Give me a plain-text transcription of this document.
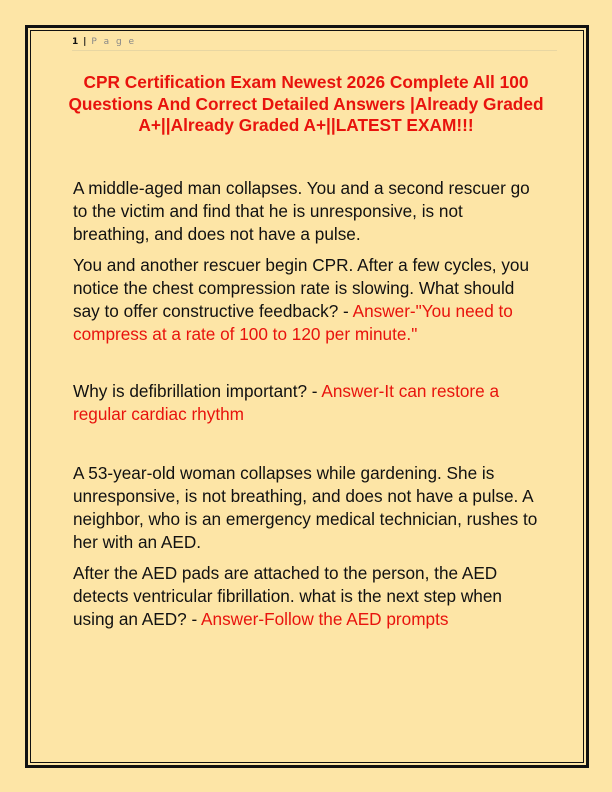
1 | P a g e
CPR Certification Exam Newest 2026 Complete All 100 Questions And Correct Detailed Answers |Already Graded A+||Already Graded A+||LATEST EXAM!!!

A middle-aged man collapses. You and a second rescuer go to the victim and find that he is unresponsive, is not breathing, and does not have a pulse.

You and another rescuer begin CPR. After a few cycles, you notice the chest compression rate is slowing. What should say to offer constructive feedback? - Answer-"You need to compress at a rate of 100 to 120 per minute."

Why is defibrillation important? - Answer-It can restore a regular cardiac rhythm

A 53-year-old woman collapses while gardening. She is unresponsive, is not breathing, and does not have a pulse. A neighbor, who is an emergency medical technician, rushes to her with an AED.

After the AED pads are attached to the person, the AED detects ventricular fibrillation. what is the next step when using an AED? - Answer-Follow the AED prompts
